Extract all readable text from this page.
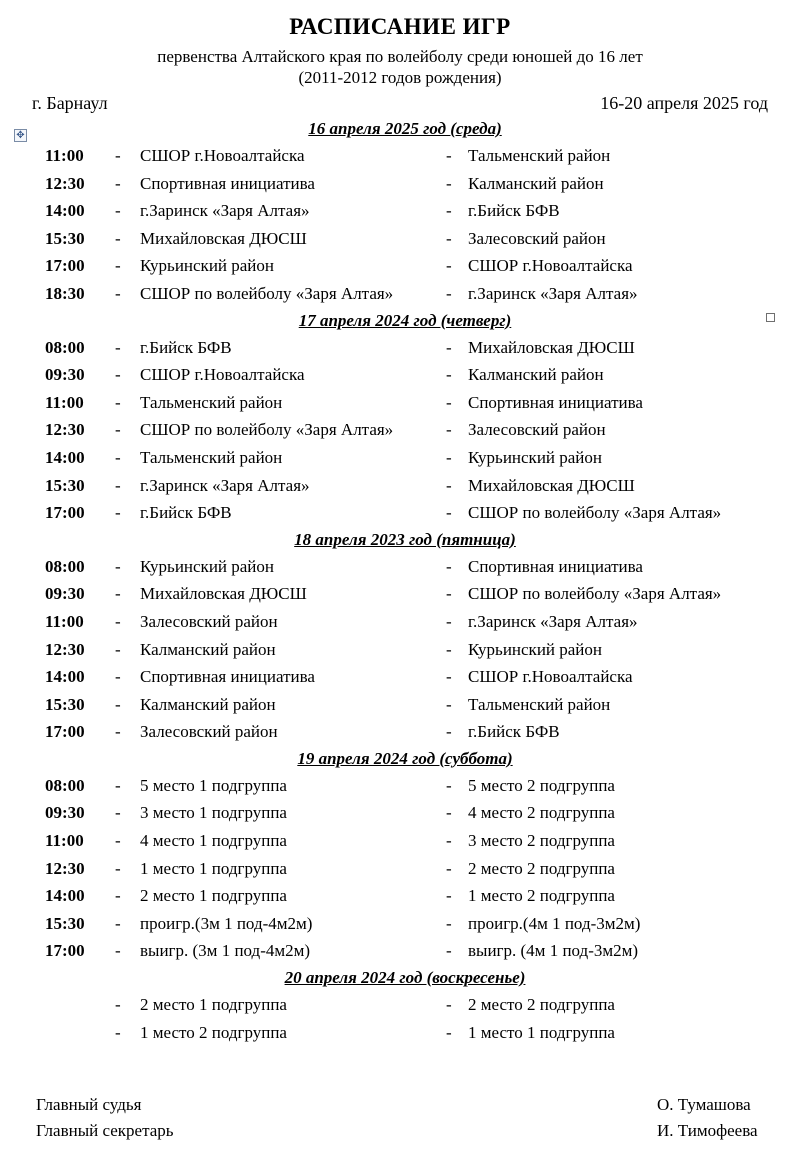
РАСПИСАНИЕ ИГР
первенства Алтайского края по волейболу среди юношей до 16 лет
(2011-2012 годов рождения)
г. Барнаул	16-20 апреля 2025 год
✥	16 апреля 2025 год (среда)
11:00 - СШОР г.Новоалтайска	- Тальменский район
12:30 - Спортивная инициатива	- Калманский район
14:00 - г.Заринск «Заря Алтая»	- г.Бийск БФВ
15:30 - Михайловская ДЮСШ	- Залесовский район
17:00 - Курьинский район	- СШОР г.Новоалтайска
18:30 - СШОР по волейболу «Заря Алтая»	- г.Заринск «Заря Алтая»
17 апреля 2024 год (четверг)
08:00 - г.Бийск БФВ	- Михайловская ДЮСШ
09:30 - СШОР г.Новоалтайска	- Калманский район
11:00 - Тальменский район	- Спортивная инициатива
12:30 - СШОР по волейболу «Заря Алтая»	- Залесовский район
14:00 - Тальменский район	- Курьинский район
15:30 - г.Заринск «Заря Алтая»	- Михайловская ДЮСШ
17:00 - г.Бийск БФВ	- СШОР по волейболу «Заря Алтая»
18 апреля 2023 год (пятница)
08:00 - Курьинский район	- Спортивная инициатива
09:30 - Михайловская ДЮСШ	- СШОР по волейболу «Заря Алтая»
11:00 - Залесовский район	- г.Заринск «Заря Алтая»
12:30 - Калманский район	- Курьинский район
14:00 - Спортивная инициатива	- СШОР г.Новоалтайска
15:30 - Калманский район	- Тальменский район
17:00 - Залесовский район	- г.Бийск БФВ
19 апреля 2024 год (суббота)
08:00 - 5 место 1 подгруппа	- 5 место 2 подгруппа
09:30 - 3 место 1 подгруппа	- 4 место 2 подгруппа
11:00 - 4 место 1 подгруппа	- 3 место 2 подгруппа
12:30 - 1 место 1 подгруппа	- 2 место 2 подгруппа
14:00 - 2 место 1 подгруппа	- 1 место 2 подгруппа
15:30 - проигр.(3м 1 под-4м2м)	- проигр.(4м 1 под-3м2м)
17:00 - выигр. (3м 1 под-4м2м)	- выигр. (4м 1 под-3м2м)
20 апреля 2024 год (воскресенье)
- 2 место 1 подгруппа	- 2 место 2 подгруппа
- 1 место 2 подгруппа	- 1 место 1 подгруппа
Главный судья
Главный секретарь
О. Тумашова
И. Тимофеева
